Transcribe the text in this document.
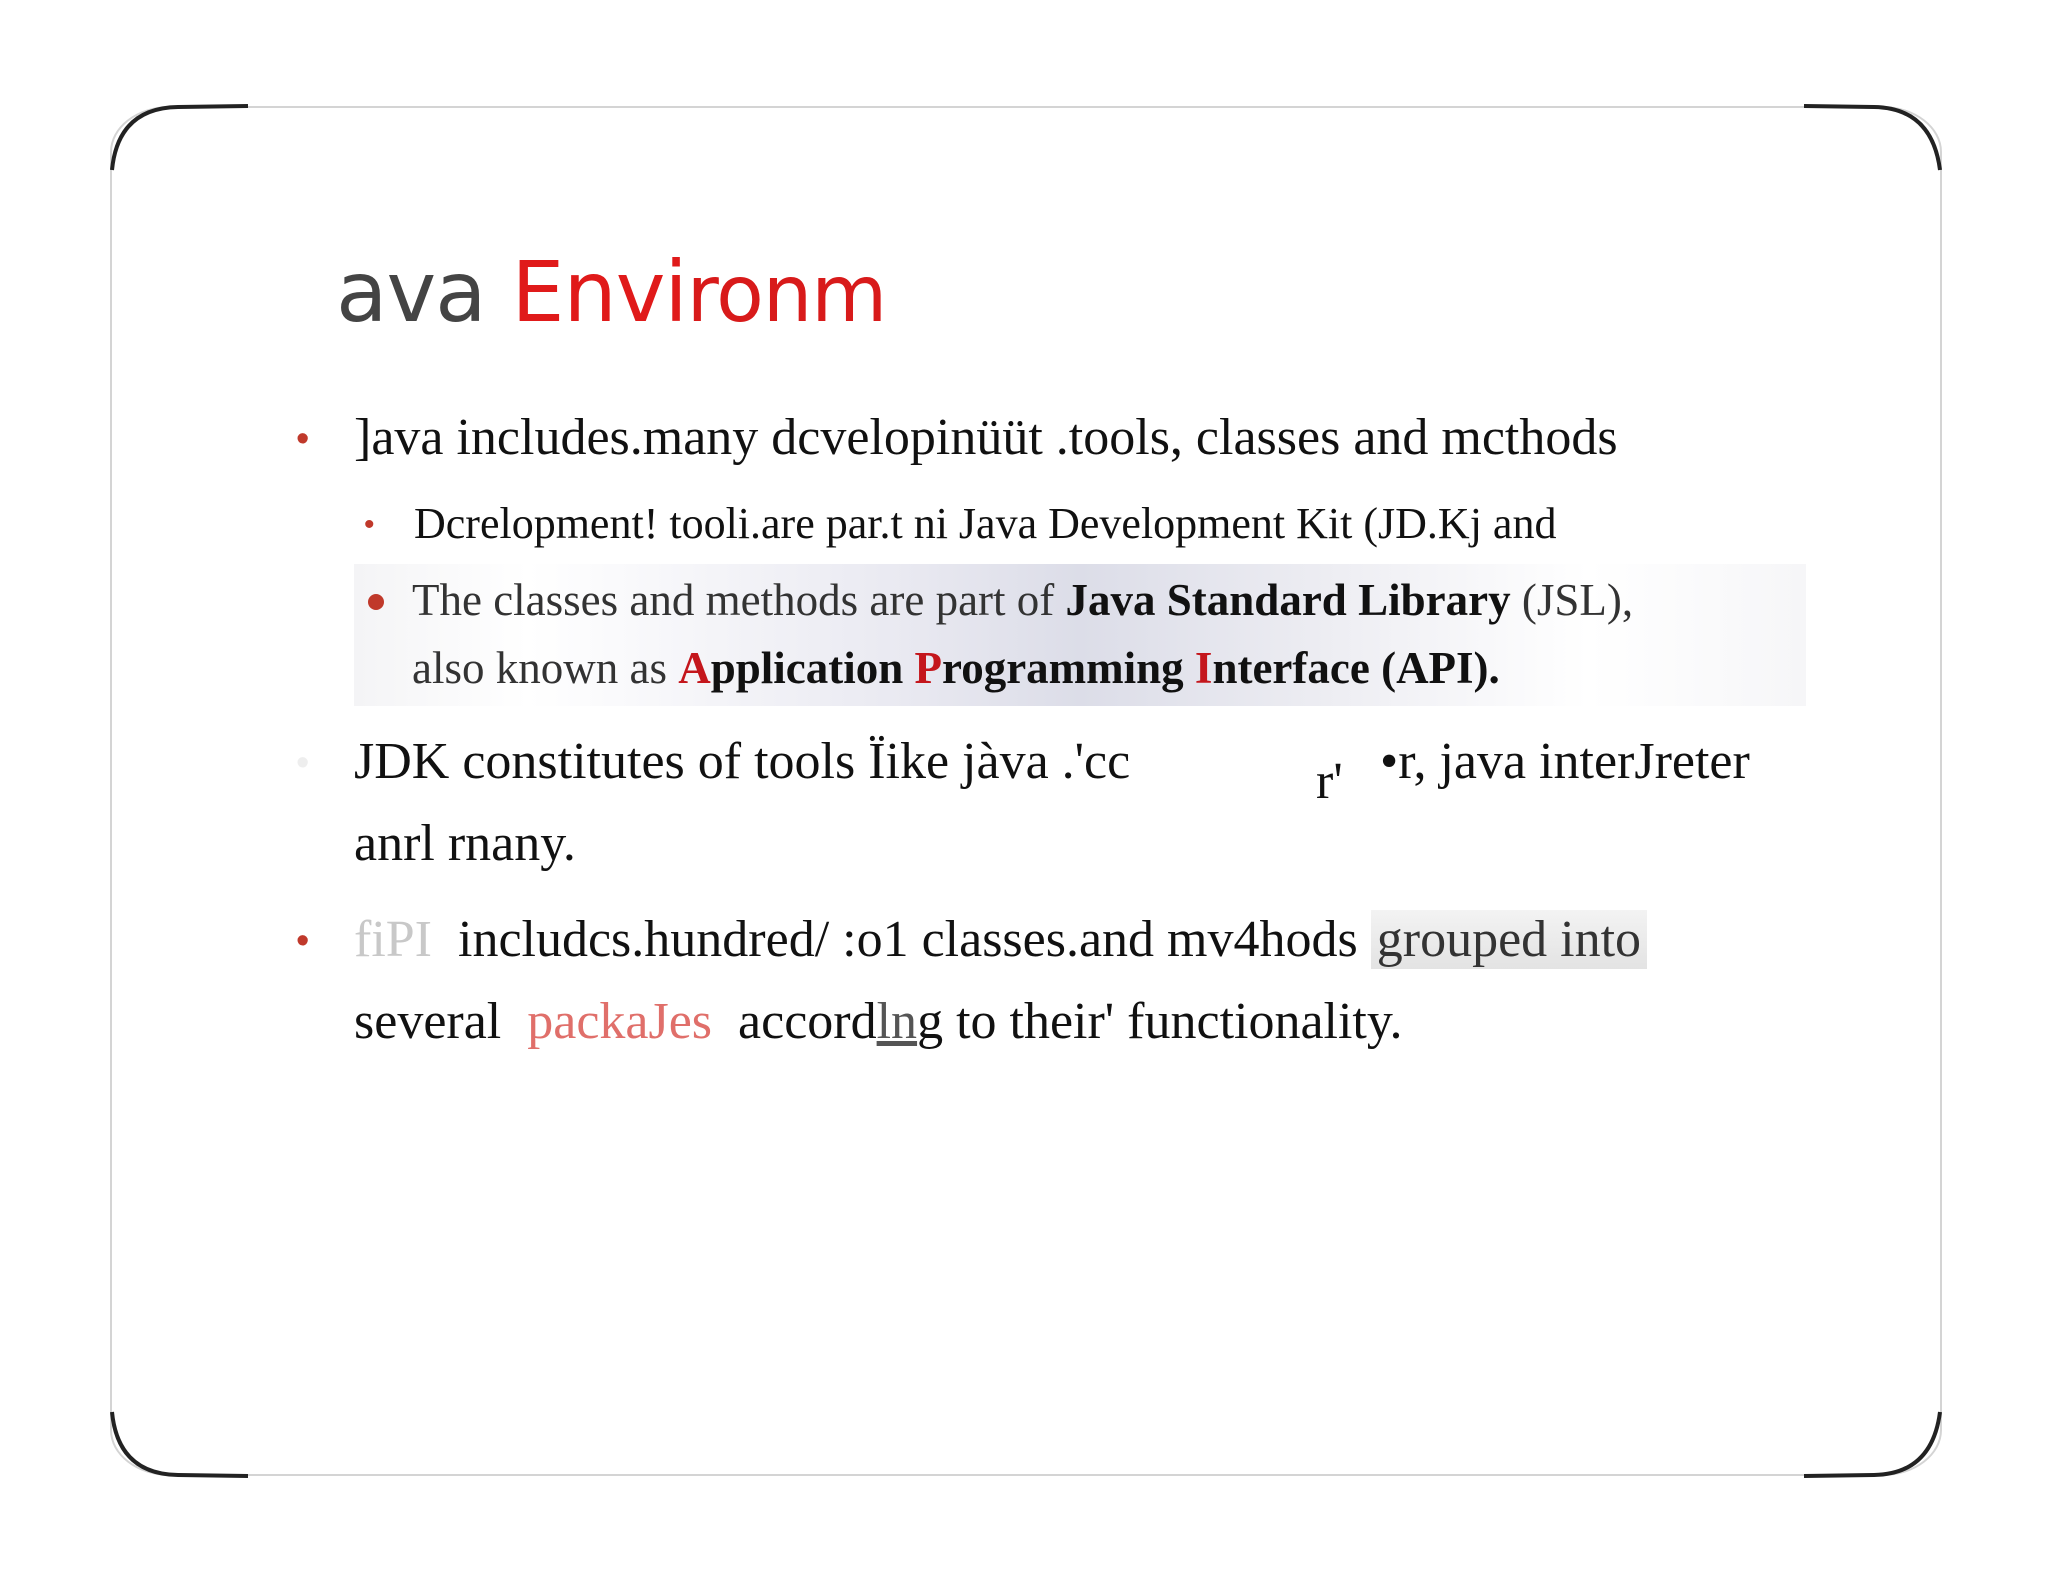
ava Environm
• ]ava includes.many dcvelopinüüt .tools, classes and mcthods
• Dcrelopment! tooli.are par.t ni Java Development Kit (JD.Kj and
The classes and methods are part of Java Standard Library (JSL),
also known as Application Programming Interface (API).
• JDK constitutes of tools Ïike jàva .'cc	r' •r, java interJreter
anrl rnany.
• fiPI includcs.hundred/ :o1 classes.and mv4hods grouped into
several packaJes accordlng to their' functionality.
